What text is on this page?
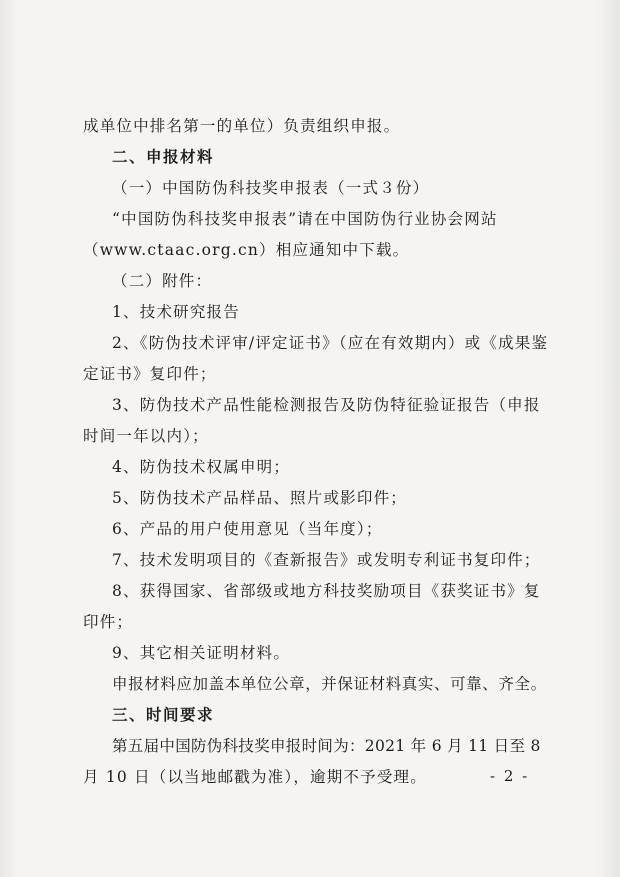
成单位中排名第一的单位）负责组织申报。
二、申报材料
（一）中国防伪科技奖申报表（一式３份）
“中国防伪科技奖申报表”请在中国防伪行业协会网站
（www.ctaac.org.cn）相应通知中下载。
（二）附件：
1、技术研究报告
2、《防伪技术评审/评定证书》（应在有效期内）或《成果鉴
定证书》复印件；
3、防伪技术产品性能检测报告及防伪特征验证报告（申报
时间一年以内）；
4、防伪技术权属申明；
5、防伪技术产品样品、照片或影印件；
6、产品的用户使用意见（当年度）；
7、技术发明项目的《查新报告》或发明专利证书复印件；
8、获得国家、省部级或地方科技奖励项目《获奖证书》复
印件；
9、其它相关证明材料。
申报材料应加盖本单位公章，并保证材料真实、可靠、齐全。
三、时间要求
第五届中国防伪科技奖申报时间为：2021 年 6 月 11 日至 8
月 10 日（以当地邮戳为准），逾期不予受理。	- 2 -
